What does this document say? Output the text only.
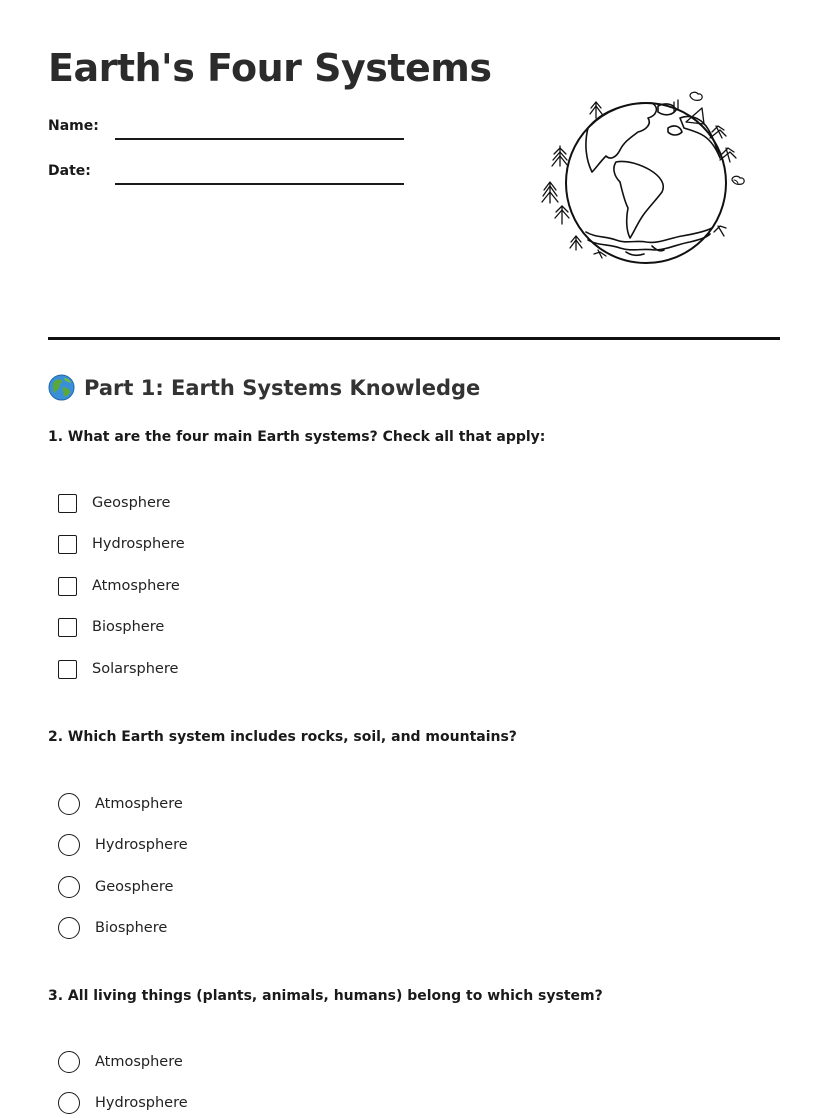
Earth's Four Systems
Name:
Date:
Part 1: Earth Systems Knowledge
1. What are the four main Earth systems? Check all that apply:
Geosphere
Hydrosphere
Atmosphere
Biosphere
Solarsphere
2. Which Earth system includes rocks, soil, and mountains?
Atmosphere
Hydrosphere
Geosphere
Biosphere
3. All living things (plants, animals, humans) belong to which system?
Atmosphere
Hydrosphere
